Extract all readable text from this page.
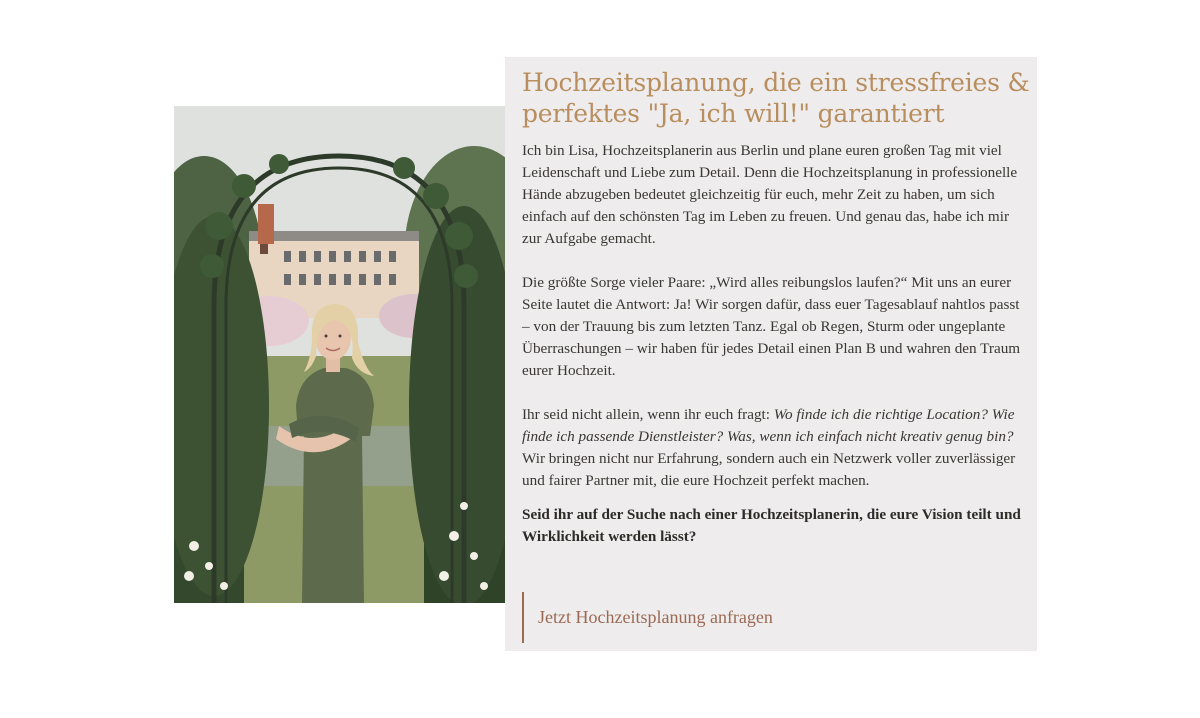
Hochzeitsplanung, die ein stressfreies &
perfektes "Ja, ich will!" garantiert

Ich bin Lisa, Hochzeitsplanerin aus Berlin und plane euren großen Tag mit viel Leidenschaft und Liebe zum Detail. Denn die Hochzeitsplanung in professionelle Hände abzugeben bedeutet gleichzeitig für euch, mehr Zeit zu haben, um sich einfach auf den schönsten Tag im Leben zu freuen. Und genau das, habe ich mir zur Aufgabe gemacht.

Die größte Sorge vieler Paare: „Wird alles reibungslos laufen?“ Mit uns an eurer Seite lautet die Antwort: Ja! Wir sorgen dafür, dass euer Tagesablauf nahtlos passt – von der Trauung bis zum letzten Tanz. Egal ob Regen, Sturm oder ungeplante Überraschungen – wir haben für jedes Detail einen Plan B und wahren den Traum eurer Hochzeit.

Ihr seid nicht allein, wenn ihr euch fragt: Wo finde ich die richtige Location? Wie finde ich passende Dienstleister? Was, wenn ich einfach nicht kreativ genug bin? Wir bringen nicht nur Erfahrung, sondern auch ein Netzwerk voller zuverlässiger und fairer Partner mit, die eure Hochzeit perfekt machen.

Seid ihr auf der Suche nach einer Hochzeitsplanerin, die eure Vision teilt und Wirklichkeit werden lässt?

Jetzt Hochzeitsplanung anfragen
